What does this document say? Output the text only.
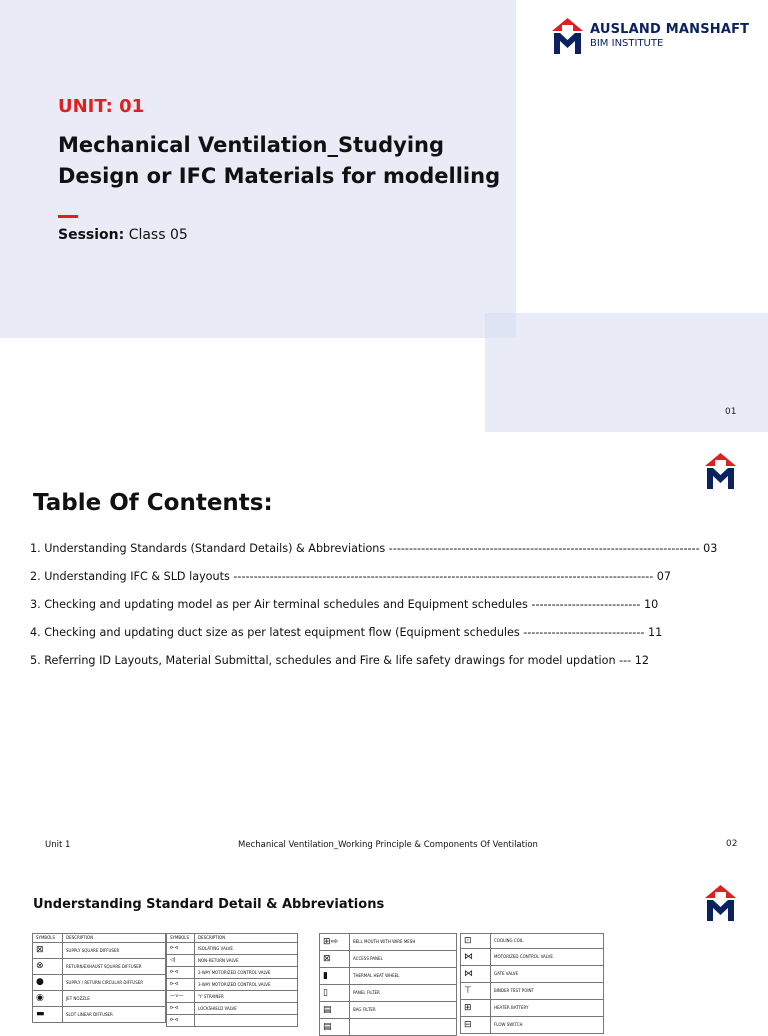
AUSLAND MANSHAFT
BIM INSTITUTE
UNIT: 01
Mechanical Ventilation_Studying
Design or IFC Materials for modelling
Session: Class 05
01
Table Of Contents:
1. Understanding Standards (Standard Details) & Abbreviations ----------------------------------------------------------------------------- 03
2. Understanding IFC & SLD layouts -------------------------------------------------------------------------------------------------------- 07
3. Checking and updating model as per Air terminal schedules and Equipment schedules --------------------------- 10
4. Checking and updating duct size as per latest equipment flow (Equipment schedules ------------------------------ 11
5. Referring ID Layouts, Material Submittal, schedules and Fire & life safety drawings for model updation --- 12
Unit 1	Mechanical Ventilation_Working Principle & Components Of Ventilation	02
Understanding Standard Detail & Abbreviations
SYMBOLS	DESCRIPTION
⊠	SUPPLY SQUARE DIFFUSER
⊗	RETURN/EXHAUST SQUARE DIFFUSER
●	SUPPLY / RETURN CIRCULAR DIFFUSER
◉	JET NOZZLE
▬	SLOT LINEAR DIFFUSER
SYMBOLS	DESCRIPTION
⊳⊲	ISOLATING VALVE
◁|	NON-RETURN VALVE
⊳⊲	2-WAY MOTORIZED CONTROL VALVE
⊳⊲	3-WAY MOTORIZED CONTROL VALVE
—⋎—	'Y' STRAINER
⊳⊲	LOCKSHIELD VALVE
⊳⊲	
⊞⇨	BELL MOUTH WITH WIRE MESH
⊠	ACCESS PANEL
▮	THERMAL HEAT WHEEL
▯	PANEL FILTER
▤	BAG FILTER
▤	
⊡	COOLING COIL
⋈	MOTORIZED CONTROL VALVE
⋈	GATE VALVE
⊤	BINDER TEST POINT
⊞	HEATER BATTERY
⊟	FLOW SWITCH
